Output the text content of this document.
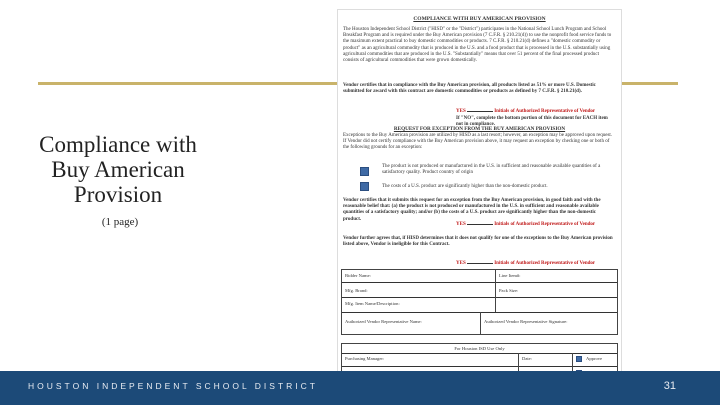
Compliance with Buy American Provision
(1 page)
COMPLIANCE WITH BUY AMERICAN PROVISION
The Houston Independent School District ("HISD" or the "District") participates in the National School Lunch Program and School Breakfast Program and is required under the Buy American provision (7 C.F.R. § 210.21(d)) to use the nonprofit food service funds to the maximum extent practical to buy domestic commodities or products. 7 C.F.R. § 210.21(d) defines a "domestic commodity or product" as an agricultural commodity that is produced in the U.S. and a food product that is processed in the U.S. substantially using agricultural commodities that are produced in the U.S. "Substantially" means that over 51 percent of the final processed product consists of agricultural commodities that were grown domestically.
Vendor certifies that in compliance with the Buy American provision, all products listed as 51% or more U.S. Domestic submitted for award with this contract are domestic commodities or products as defined by 7 C.F.R. § 210.21(d).
YES	Initials of Authorized Representative of Vendor
If "NO", complete the bottom portion of this document for EACH item not in compliance.
REQUEST FOR EXCEPTION FROM THE BUY AMERICAN PROVISION
Exceptions to the Buy American provision are utilized by HISD as a last resort; however, an exception may be approved upon request. If Vendor did not certify compliance with the Buy American provision above, it may request an exception by checking one or both of the following grounds for an exception:
The product is not produced or manufactured in the U.S. in sufficient and reasonable available quantities of a satisfactory quality. Product country of origin
The costs of a U.S. product are significantly higher than the non-domestic product.
Vendor certifies that it submits this request for an exception from the Buy American provision, in good faith and with the reasonable belief that: (a) the product is not produced or manufactured in the U.S. in sufficient and reasonable available quantities of a satisfactory quality; and/or (b) the costs of a U.S. product are significantly higher than the non-domestic product.
YES	Initials of Authorized Representative of Vendor
Vendor further agrees that, if HISD determines that it does not qualify for one of the exceptions to the Buy American provision listed above, Vendor is ineligible for this Contract.
YES	Initials of Authorized Representative of Vendor
Bidder Name:	Line Item#:
Mfg. Brand:	Pack Size:
Mfg. Item Name/Description:
Authorized Vendor Representative Name:	Authorized Vendor Representative Signature:
For Houston ISD Use Only
Purchasing Manager:	Date:	Approve
HOUSTON INDEPENDENT SCHOOL DISTRICT	31
